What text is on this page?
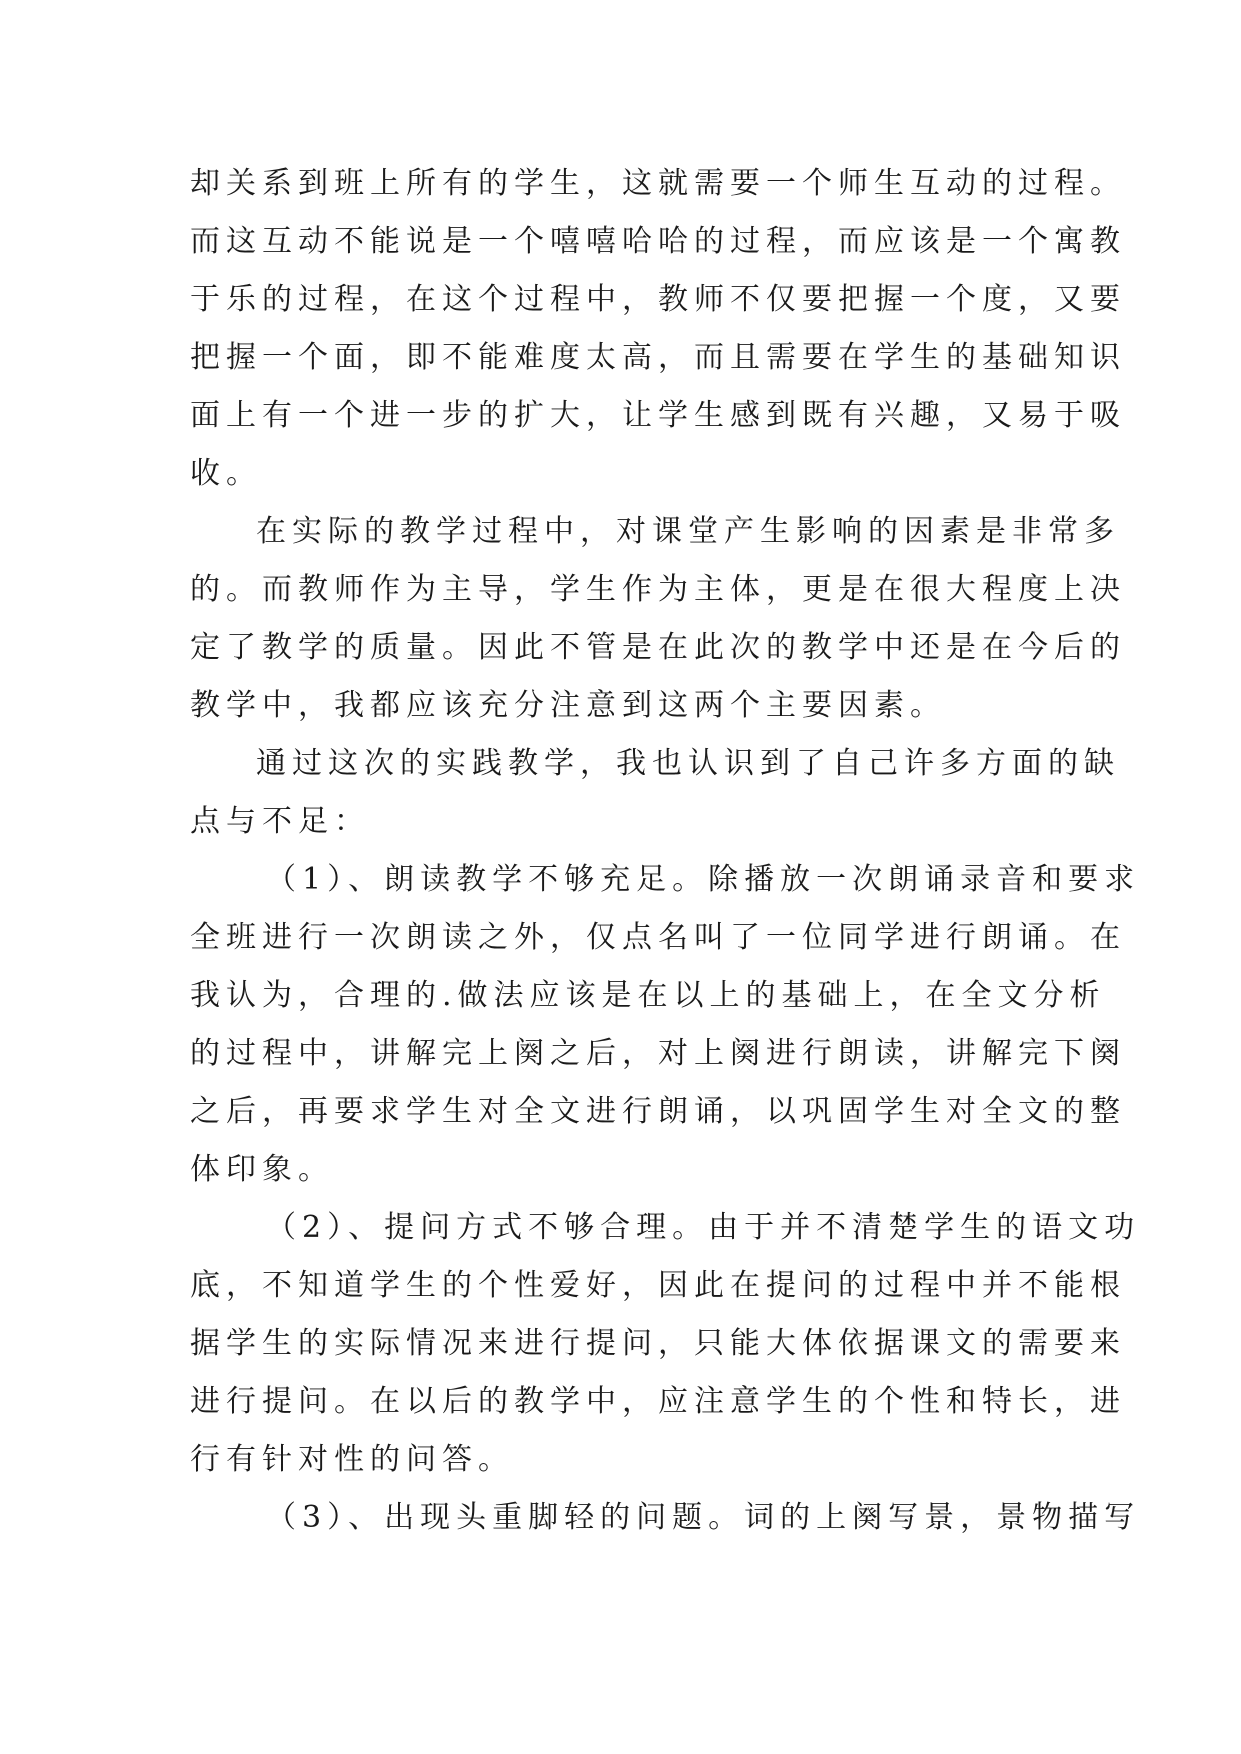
却关系到班上所有的学生，这就需要一个师生互动的过程。
而这互动不能说是一个嘻嘻哈哈的过程，而应该是一个寓教
于乐的过程，在这个过程中，教师不仅要把握一个度，又要
把握一个面，即不能难度太高，而且需要在学生的基础知识
面上有一个进一步的扩大，让学生感到既有兴趣，又易于吸
收。
在实际的教学过程中，对课堂产生影响的因素是非常多
的。而教师作为主导，学生作为主体，更是在很大程度上决
定了教学的质量。因此不管是在此次的教学中还是在今后的
教学中，我都应该充分注意到这两个主要因素。
通过这次的实践教学，我也认识到了自己许多方面的缺
点与不足：
（1）、朗读教学不够充足。除播放一次朗诵录音和要求
全班进行一次朗读之外，仅点名叫了一位同学进行朗诵。在
我认为，合理的.做法应该是在以上的基础上，在全文分析
的过程中，讲解完上阕之后，对上阕进行朗读，讲解完下阕
之后，再要求学生对全文进行朗诵，以巩固学生对全文的整
体印象。
（2）、提问方式不够合理。由于并不清楚学生的语文功
底，不知道学生的个性爱好，因此在提问的过程中并不能根
据学生的实际情况来进行提问，只能大体依据课文的需要来
进行提问。在以后的教学中，应注意学生的个性和特长，进
行有针对性的问答。
（3）、出现头重脚轻的问题。词的上阕写景，景物描写
